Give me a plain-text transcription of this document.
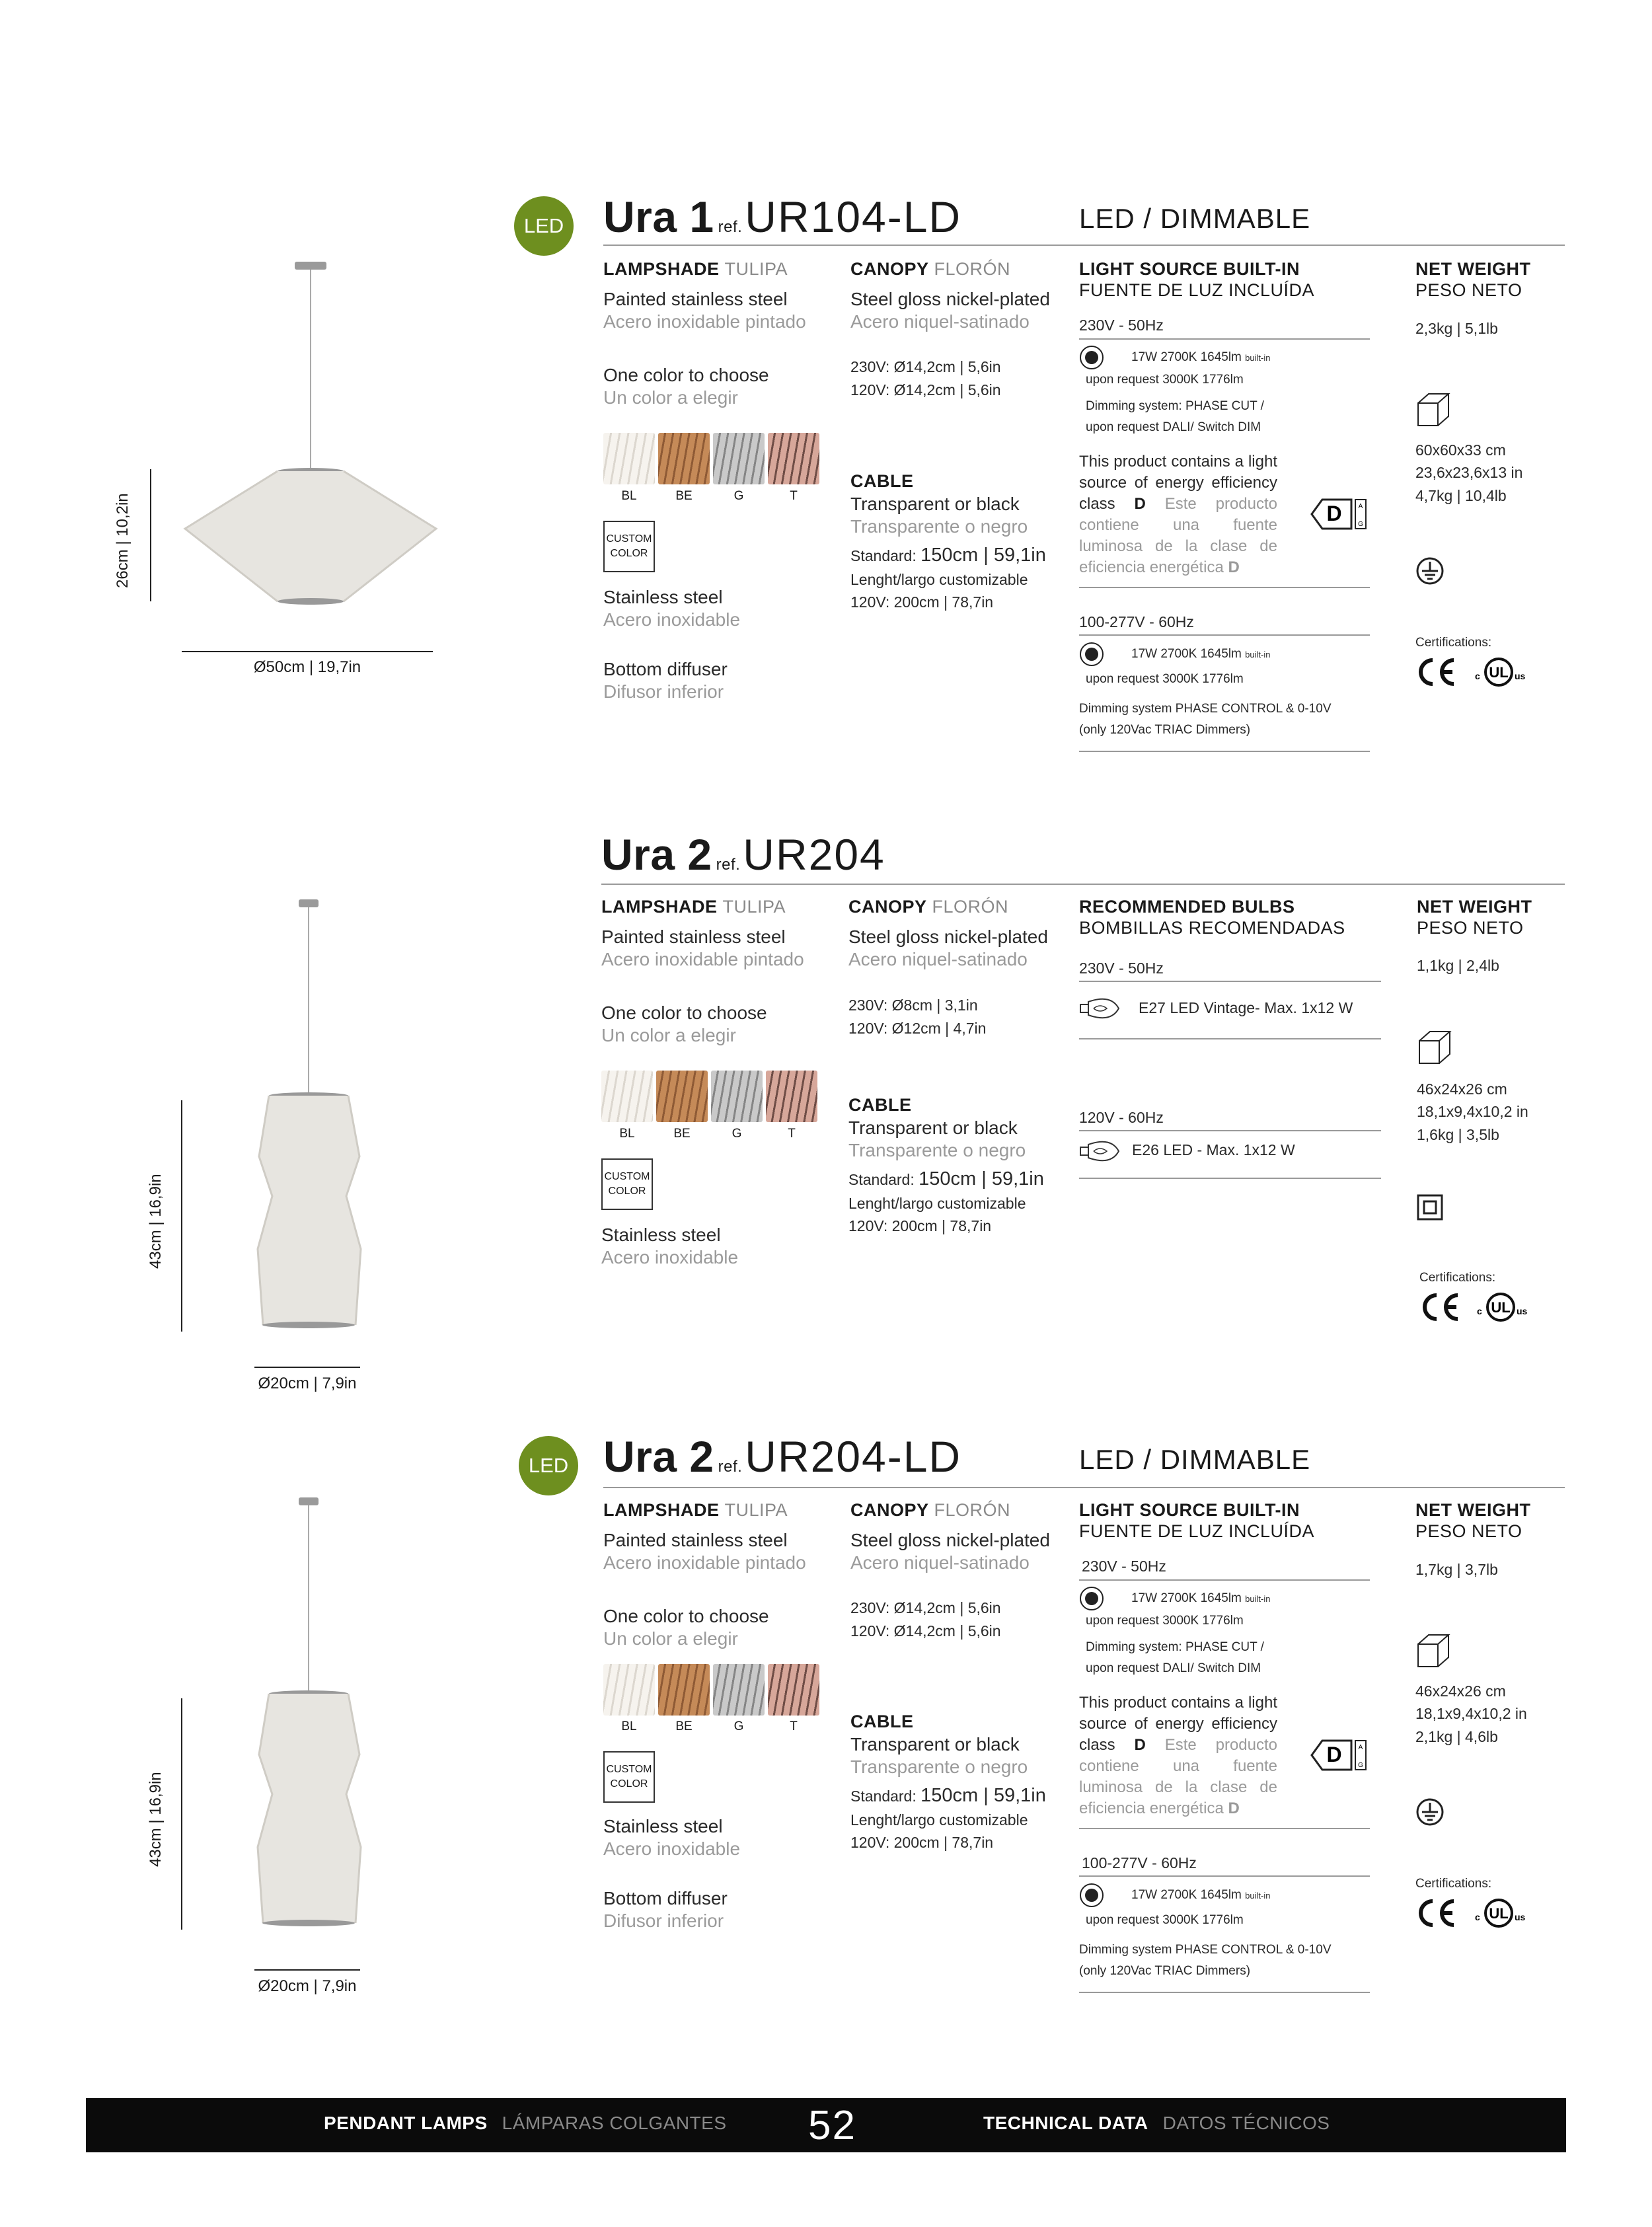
26cm | 10,2in
Ø50cm | 19,7in
LED Ura 1 ref.UR104-LD	LED / DIMMABLE
LAMPSHADE TULIPA
Painted stainless steel
Acero inoxidable pintado
One color to choose
Un color a elegir
BL	BE	G	T
CUSTOM
COLOR
Stainless steel
Acero inoxidable
Bottom diffuser
Difusor inferior
CANOPY FLORÓN
Steel gloss nickel-plated
Acero niquel-satinado
230V: Ø14,2cm | 5,6in
120V: Ø14,2cm | 5,6in
CABLE
Transparent or black
Transparente o negro
Standard: 150cm | 59,1in
Lenght/largo customizable
120V: 200cm | 78,7in
LIGHT SOURCE BUILT-IN
FUENTE DE LUZ INCLUÍDA
230V - 50Hz
17W 2700K 1645lm built-in
upon request 3000K 1776lm
Dimming system: PHASE CUT /
upon request DALI/ Switch DIM
This product contains a light source of energy efficiency class D Este producto contiene una fuente luminosa de la clase de eficiencia energética D
D	A
G
100-277V - 60Hz
17W 2700K 1645lm built-in
upon request 3000K 1776lm
Dimming system PHASE CONTROL & 0-10V
(only 120Vac TRIAC Dimmers)
NET WEIGHT
PESO NETO
2,3kg | 5,1lb
60x60x33 cm
23,6x23,6x13 in
4,7kg | 10,4lb
Certifications:
c UL us
43cm | 16,9in
Ø20cm | 7,9in
Ura 2 ref.UR204
LAMPSHADE TULIPA
Painted stainless steel
Acero inoxidable pintado
One color to choose
Un color a elegir
BL	BE	G	T
CUSTOM
COLOR
Stainless steel
Acero inoxidable
CANOPY FLORÓN
Steel gloss nickel-plated
Acero niquel-satinado
230V: Ø8cm | 3,1in
120V: Ø12cm | 4,7in
CABLE
Transparent or black
Transparente o negro
Standard: 150cm | 59,1in
Lenght/largo customizable
120V: 200cm | 78,7in
RECOMMENDED BULBS
BOMBILLAS RECOMENDADAS
230V - 50Hz
E27 LED Vintage- Max. 1x12 W
120V - 60Hz
E26 LED - Max. 1x12 W
NET WEIGHT
PESO NETO
1,1kg | 2,4lb
46x24x26 cm
18,1x9,4x10,2 in
1,6kg | 3,5lb
Certifications:
c UL us
43cm | 16,9in
Ø20cm | 7,9in
LED Ura 2 ref.UR204-LD	LED / DIMMABLE
LAMPSHADE TULIPA
Painted stainless steel
Acero inoxidable pintado
One color to choose
Un color a elegir
BL	BE	G	T
CUSTOM
COLOR
Stainless steel
Acero inoxidable
Bottom diffuser
Difusor inferior
CANOPY FLORÓN
Steel gloss nickel-plated
Acero niquel-satinado
230V: Ø14,2cm | 5,6in
120V: Ø14,2cm | 5,6in
CABLE
Transparent or black
Transparente o negro
Standard: 150cm | 59,1in
Lenght/largo customizable
120V: 200cm | 78,7in
LIGHT SOURCE BUILT-IN
FUENTE DE LUZ INCLUÍDA
230V - 50Hz
17W 2700K 1645lm built-in
upon request 3000K 1776lm
Dimming system: PHASE CUT /
upon request DALI/ Switch DIM
This product contains a light source of energy efficiency class D Este producto contiene una fuente luminosa de la clase de eficiencia energética D
D	A
G
100-277V - 60Hz
17W 2700K 1645lm built-in
upon request 3000K 1776lm
Dimming system PHASE CONTROL & 0-10V
(only 120Vac TRIAC Dimmers)
NET WEIGHT
PESO NETO
1,7kg | 3,7lb
46x24x26 cm
18,1x9,4x10,2 in
2,1kg | 4,6lb
Certifications:
c UL us
PENDANT LAMPS LÁMPARAS COLGANTES 52	TECHNICAL DATA DATOS TÉCNICOS
